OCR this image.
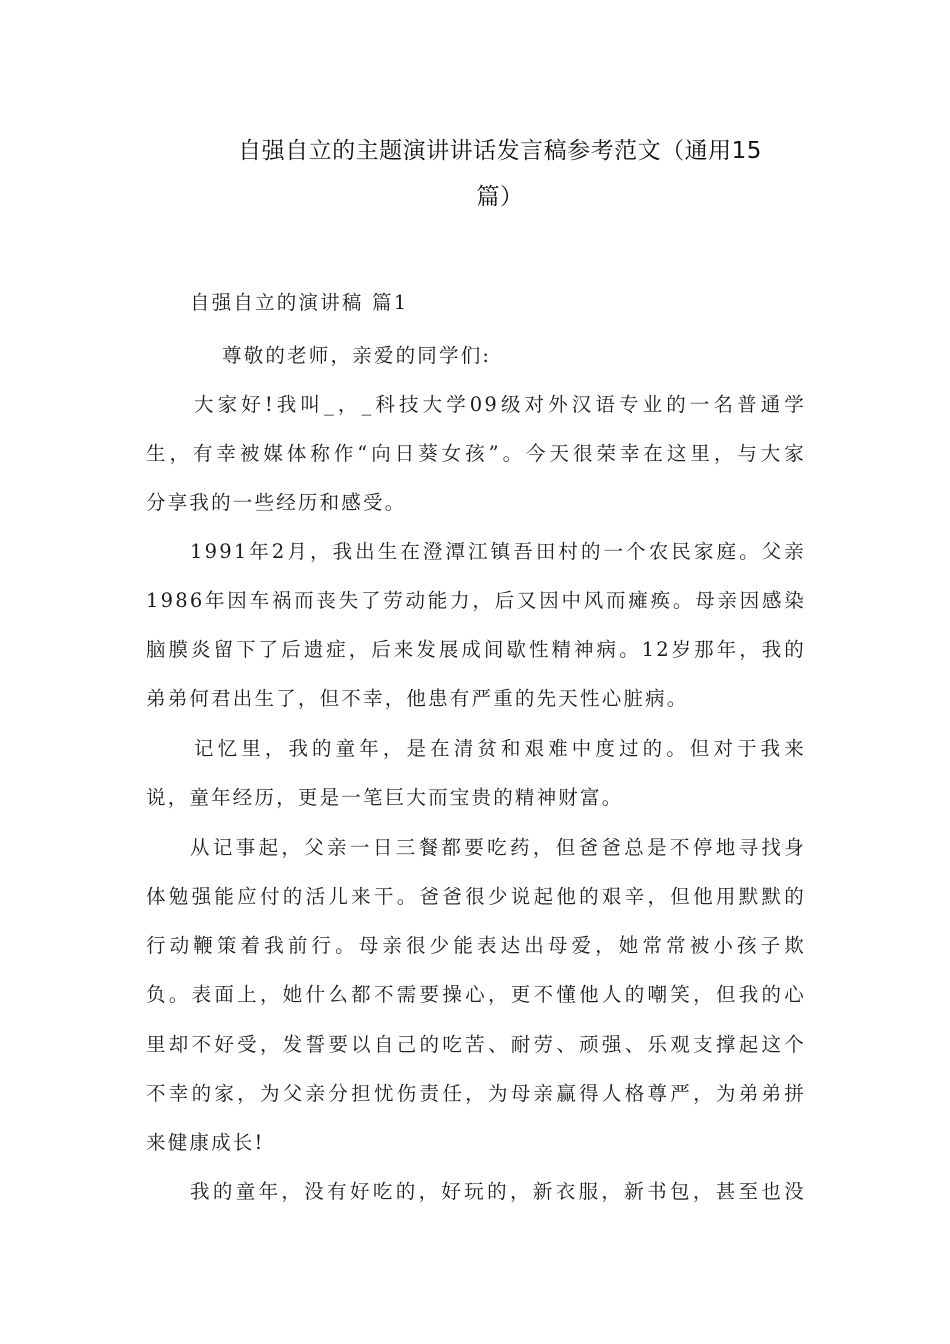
自强自立的主题演讲讲话发言稿参考范文（通用15
篇）
自强自立的演讲稿 篇1
尊敬的老师，亲爱的同学们:
大家好!我叫_，_科技大学09级对外汉语专业的一名普通学
生，有幸被媒体称作“向日葵女孩”。今天很荣幸在这里，与大家
分享我的一些经历和感受。
1991年2月，我出生在澄潭江镇吾田村的一个农民家庭。父亲
1986年因车祸而丧失了劳动能力，后又因中风而瘫痪。母亲因感染
脑膜炎留下了后遗症，后来发展成间歇性精神病。12岁那年，我的
弟弟何君出生了，但不幸，他患有严重的先天性心脏病。
记忆里，我的童年，是在清贫和艰难中度过的。但对于我来
说，童年经历，更是一笔巨大而宝贵的精神财富。
从记事起，父亲一日三餐都要吃药，但爸爸总是不停地寻找身
体勉强能应付的活儿来干。爸爸很少说起他的艰辛，但他用默默的
行动鞭策着我前行。母亲很少能表达出母爱，她常常被小孩子欺
负。表面上，她什么都不需要操心，更不懂他人的嘲笑，但我的心
里却不好受，发誓要以自己的吃苦、耐劳、顽强、乐观支撑起这个
不幸的家，为父亲分担忧伤责任，为母亲赢得人格尊严，为弟弟拼
来健康成长!
我的童年，没有好吃的，好玩的，新衣服，新书包，甚至也没
